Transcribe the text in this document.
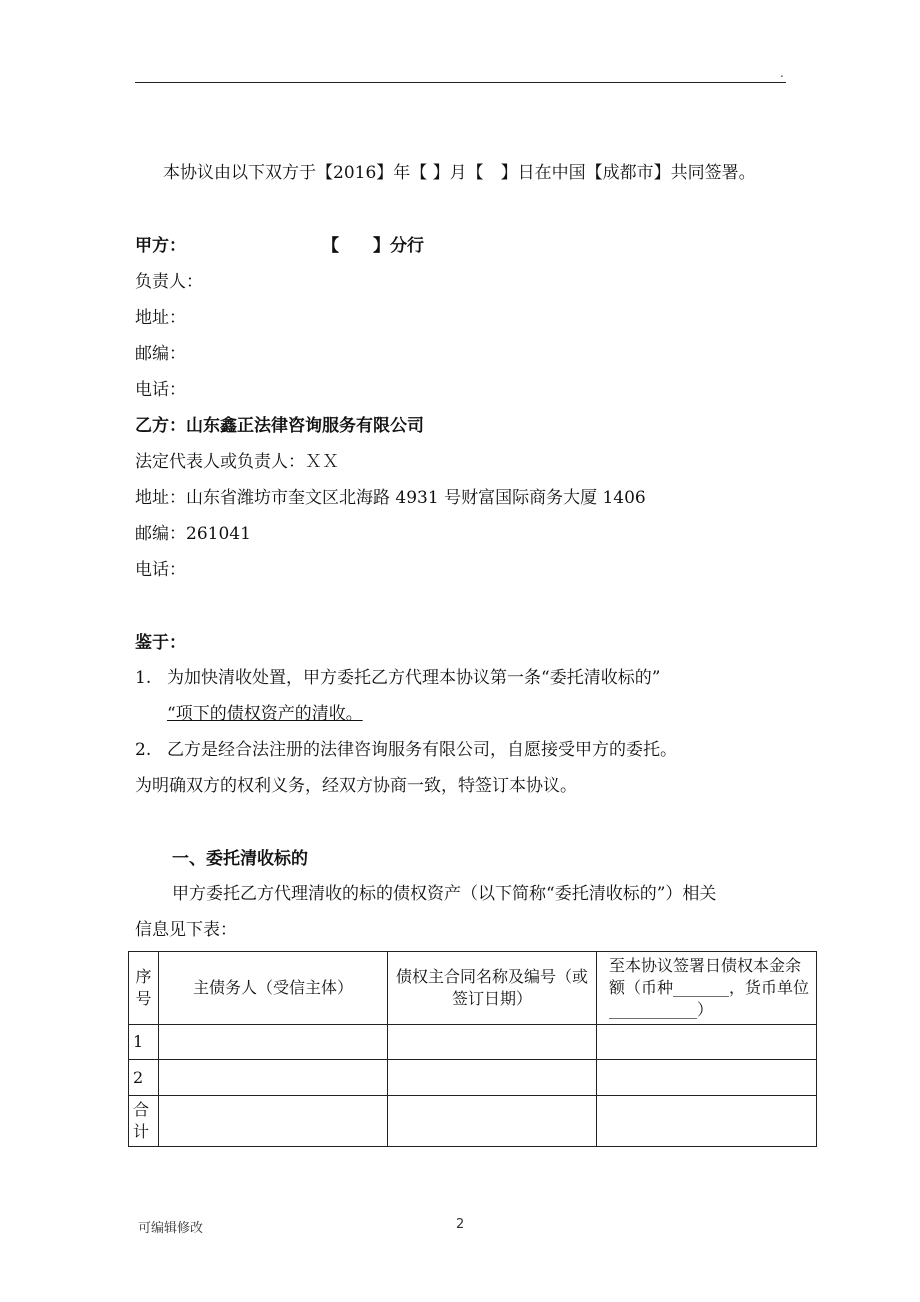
.
本协议由以下双方于【2016】年【 】月【　】日在中国【成都市】共同签署。
甲方：	【　　】分行
负责人：
地址：
邮编：
电话：
乙方：山东鑫正法律咨询服务有限公司
法定代表人或负责人：ＸＸ
地址：山东省潍坊市奎文区北海路 4931 号财富国际商务大厦 1406
邮编：261041
电话：
鉴于：
1. 为加快清收处置，甲方委托乙方代理本协议第一条“委托清收标的”
“项下的债权资产的清收。
2. 乙方是经合法注册的法律咨询服务有限公司，自愿接受甲方的委托。
为明确双方的权利义务，经双方协商一致，特签订本协议。
一、委托清收标的
甲方委托乙方代理清收的标的债权资产（以下简称“委托清收标的”）相关
信息见下表：
序号	主债务人（受信主体）	债权主合同名称及编号（或签订日期）	至本协议签署日债权本金余额（币种_______，货币单位___________）
1			
2			
合计			
可编辑修改	2
